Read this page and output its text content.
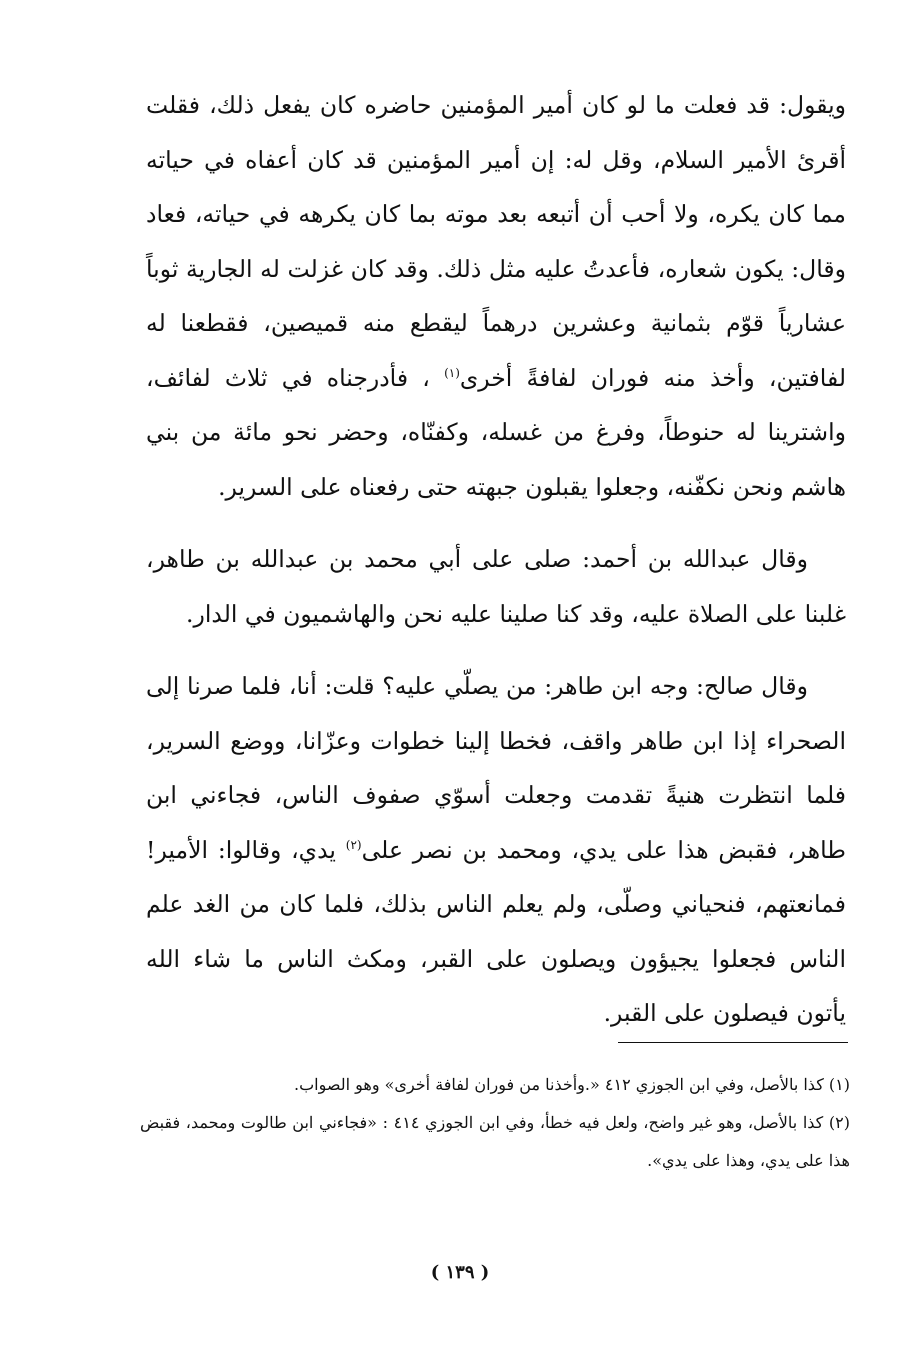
ويقول: قد فعلت ما لو كان أمير المؤمنين حاضره كان يفعل ذلك، فقلت أقرئ الأمير السلام، وقل له: إن أمير المؤمنين قد كان أعفاه في حياته مما كان يكره، ولا أحب أن أتبعه بعد موته بما كان يكرهه في حياته، فعاد وقال: يكون شعاره، فأعدتُ عليه مثل ذلك. وقد كان غزلت له الجارية ثوباً عشارياً قوّم بثمانية وعشرين درهماً ليقطع منه قميصين، فقطعنا له لفافتين، وأخذ منه فوران لفافةً أخرى$^{(١)}$ ، فأدرجناه في ثلاث لفائف، واشترينا له حنوطاً، وفرغ من غسله، وكفنّاه، وحضر نحو مائة من بني هاشم ونحن نكفّنه، وجعلوا يقبلون جبهته حتى رفعناه على السرير.

وقال عبدالله بن أحمد: صلى على أبي محمد بن عبدالله بن طاهر، غلبنا على الصلاة عليه، وقد كنا صلينا عليه نحن والهاشميون في الدار.

وقال صالح: وجه ابن طاهر: من يصلّي عليه؟ قلت: أنا، فلما صرنا إلى الصحراء إذا ابن طاهر واقف، فخطا إلينا خطوات وعزّانا، ووضع السرير، فلما انتظرت هنيةً تقدمت وجعلت أسوّي صفوف الناس، فجاءني ابن طاهر، فقبض هذا على يدي، ومحمد بن نصر على$^{(٢)}$ يدي، وقالوا: الأمير! فمانعتهم، فنحياني وصلّى، ولم يعلم الناس بذلك، فلما كان من الغد علم الناس فجعلوا يجيؤون ويصلون على القبر، ومكث الناس ما شاء الله يأتون فيصلون على القبر.

(١) كذا بالأصل، وفي ابن الجوزي ٤١٢ «.وأخذنا من فوران لفافة أخرى» وهو الصواب.

(٢) كذا بالأصل، وهو غير واضح، ولعل فيه خطأ، وفي ابن الجوزي ٤١٤ : «فجاءني ابن طالوت ومحمد، فقبض هذا على يدي، وهذا على يدي».

( ١٣٩ )
